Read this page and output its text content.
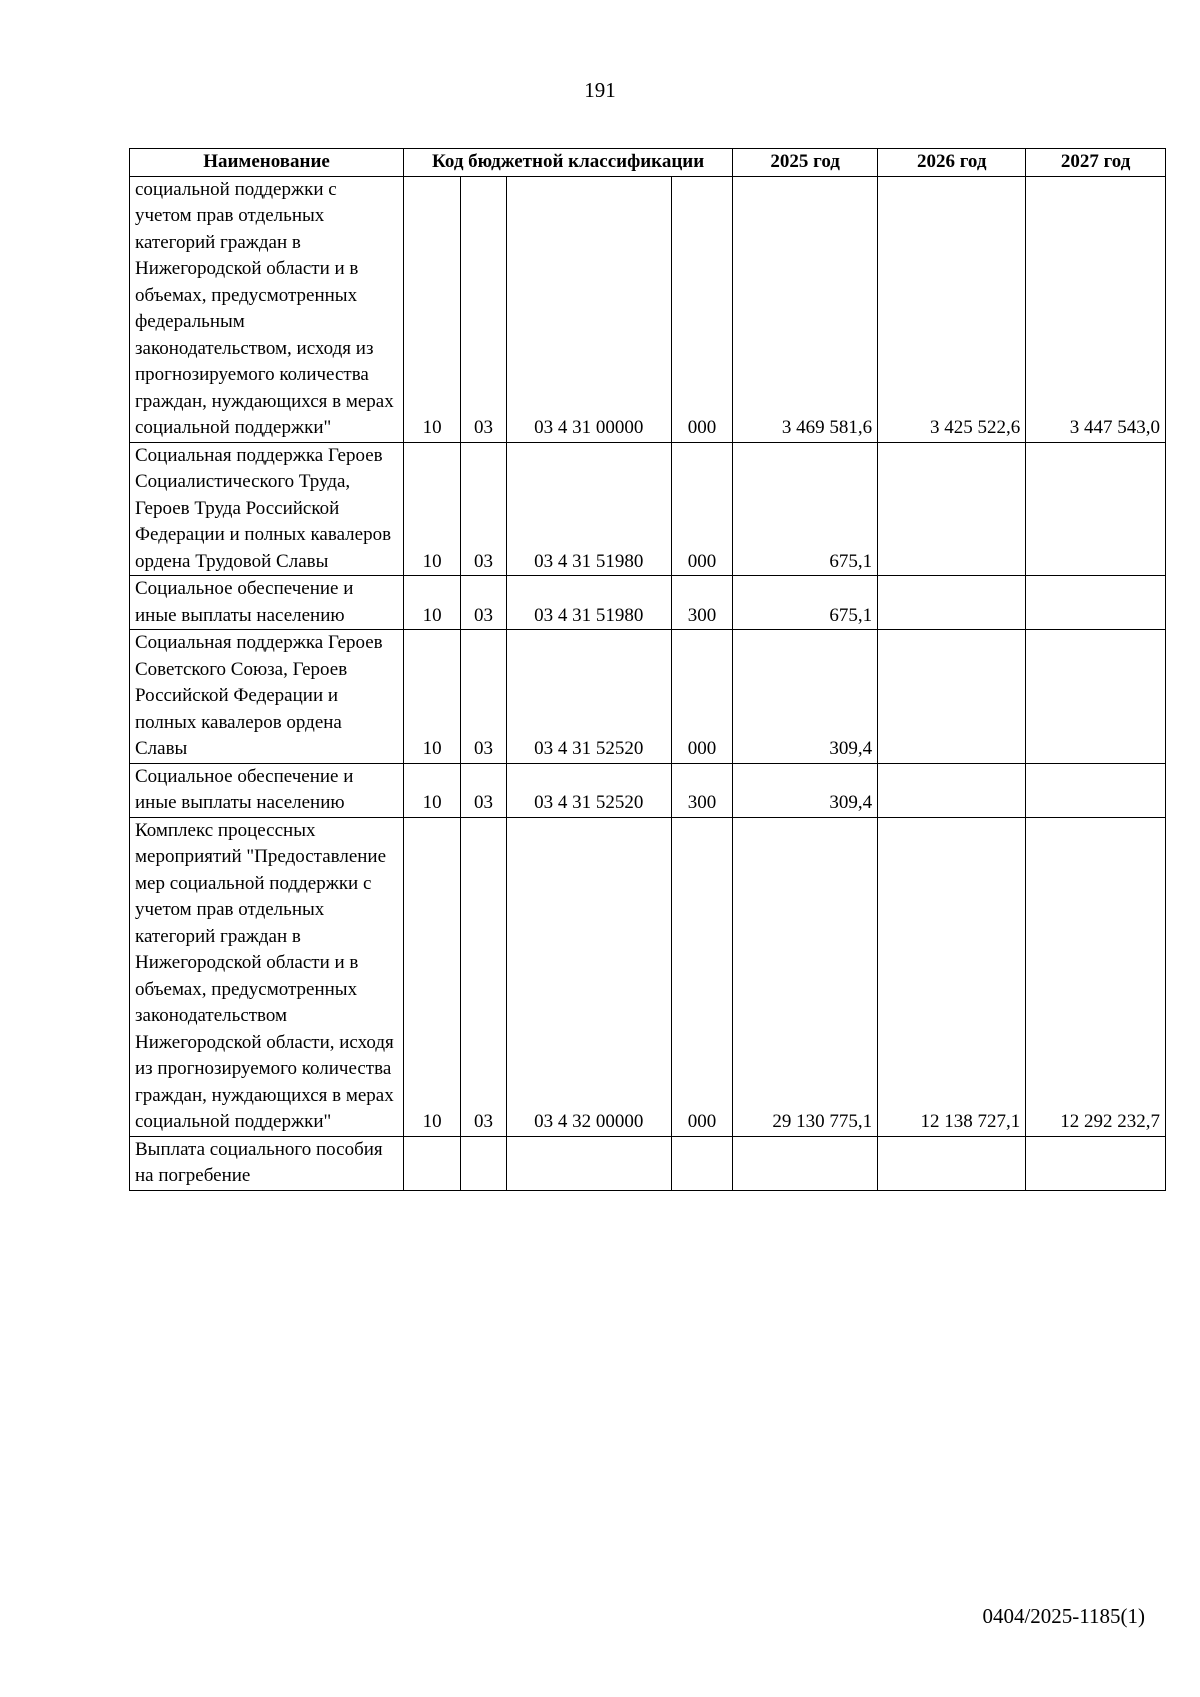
191
Наименование	Код бюджетной классификации				2025 год	2026 год	2027 год
социальной поддержки с учетом прав отдельных категорий граждан в Нижегородской области и в объемах, предусмотренных федеральным законодательством, исходя из прогнозируемого количества граждан, нуждающихся в мерах социальной поддержки"	10	03	03 4 31 00000	000	3 469 581,6	3 425 522,6	3 447 543,0
Социальная поддержка Героев Социалистического Труда, Героев Труда Российской Федерации и полных кавалеров ордена Трудовой Славы	10	03	03 4 31 51980	000	675,1		
Социальное обеспечение и иные выплаты населению	10	03	03 4 31 51980	300	675,1		
Социальная поддержка Героев Советского Союза, Героев Российской Федерации и полных кавалеров ордена Славы	10	03	03 4 31 52520	000	309,4		
Социальное обеспечение и иные выплаты населению	10	03	03 4 31 52520	300	309,4		
Комплекс процессных мероприятий "Предоставление мер социальной поддержки с учетом прав отдельных категорий граждан в Нижегородской области и в объемах, предусмотренных законодательством Нижегородской области, исходя из прогнозируемого количества граждан, нуждающихся в мерах социальной поддержки"	10	03	03 4 32 00000	000	29 130 775,1	12 138 727,1	12 292 232,7
Выплата социального пособия на погребение							
0404/2025-1185(1)
